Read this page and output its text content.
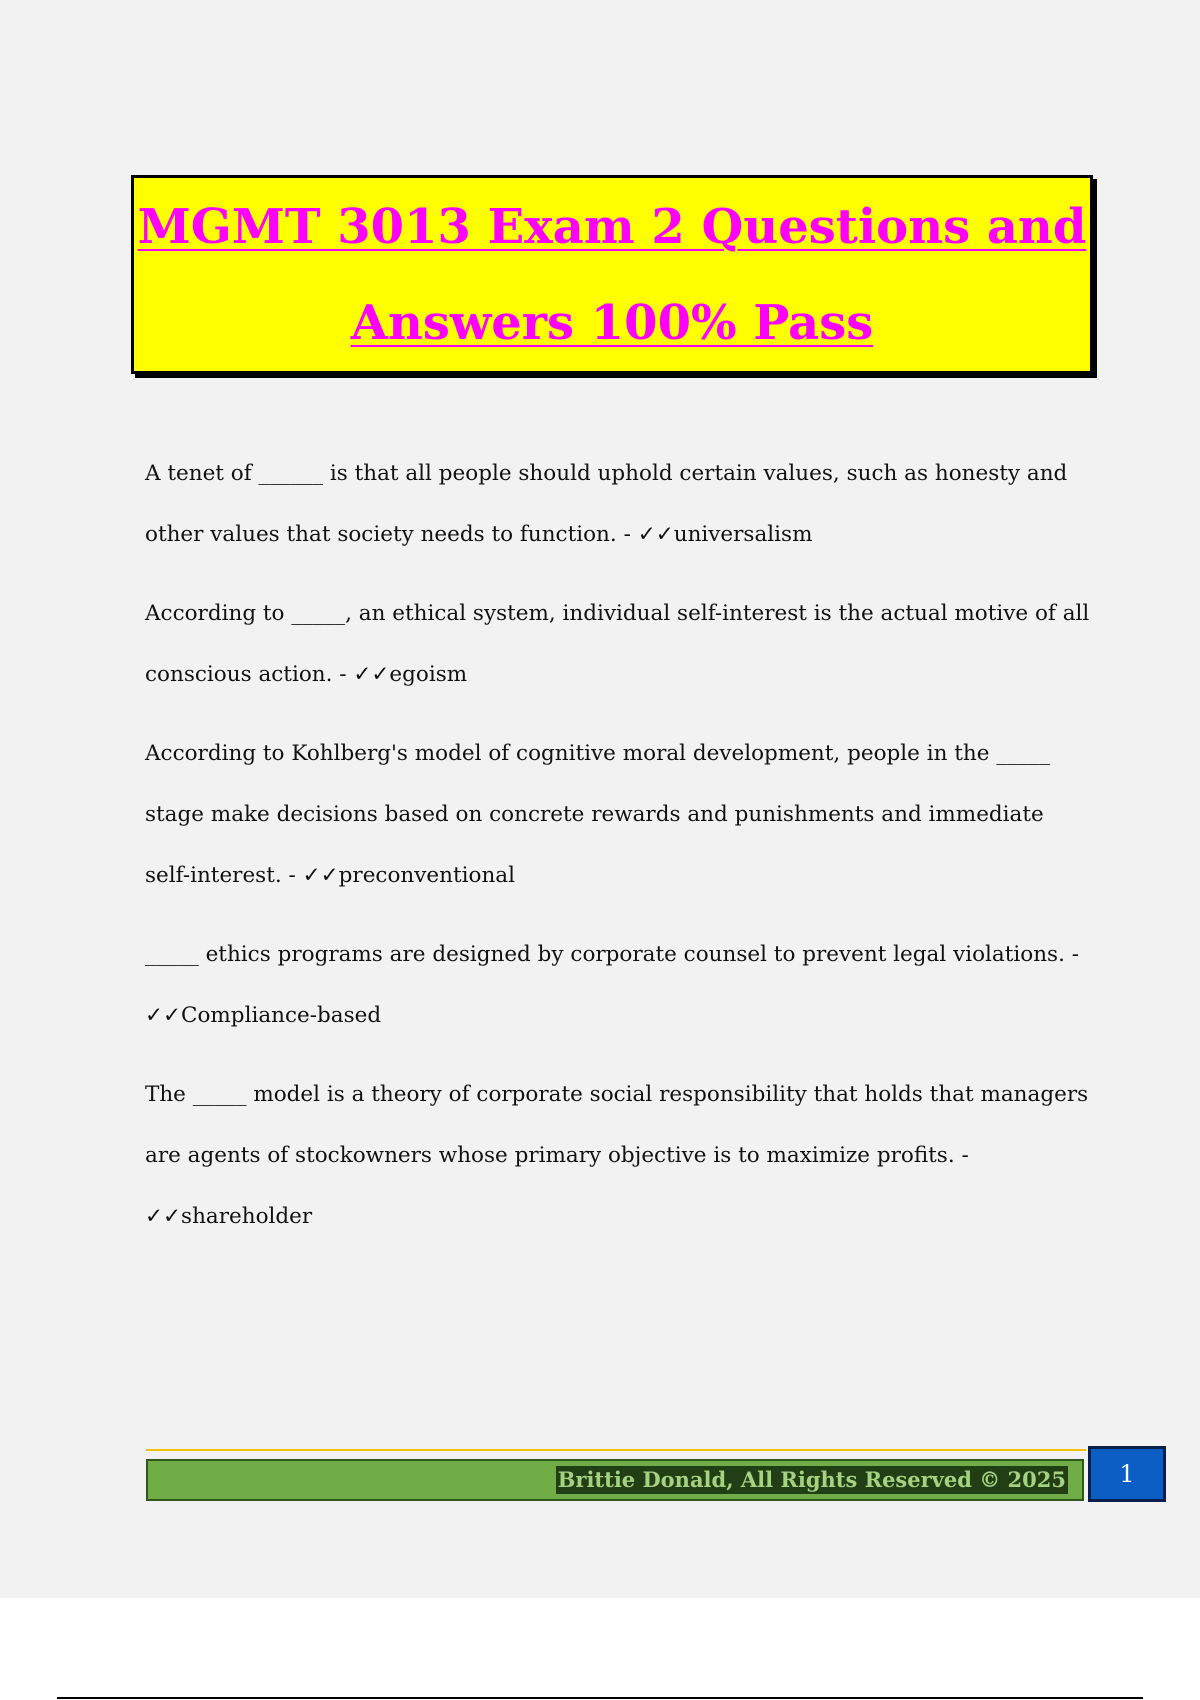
MGMT 3013 Exam 2 Questions and
Answers 100% Pass

A tenet of ______ is that all people should uphold certain values, such as honesty and other values that society needs to function. - ✓✓universalism

According to _____, an ethical system, individual self-interest is the actual motive of all conscious action. - ✓✓egoism

According to Kohlberg's model of cognitive moral development, people in the _____ stage make decisions based on concrete rewards and punishments and immediate self-interest. - ✓✓preconventional

_____ ethics programs are designed by corporate counsel to prevent legal violations. - ✓✓Compliance-based

The _____ model is a theory of corporate social responsibility that holds that managers are agents of stockowners whose primary objective is to maximize profits. - ✓✓shareholder

Brittie Donald, All Rights Reserved © 2025 1
